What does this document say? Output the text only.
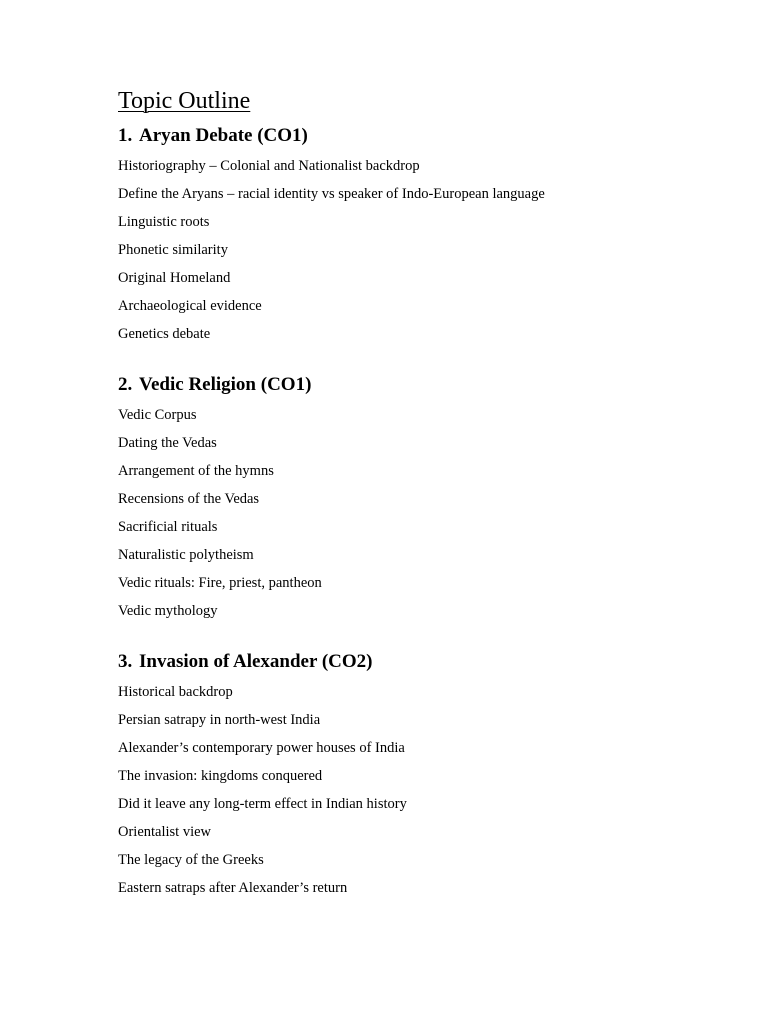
Topic Outline
1. Aryan Debate (CO1)
Historiography – Colonial and Nationalist backdrop
Define the Aryans – racial identity vs speaker of Indo-European language
Linguistic roots
Phonetic similarity
Original Homeland
Archaeological evidence
Genetics debate
2. Vedic Religion (CO1)
Vedic Corpus
Dating the Vedas
Arrangement of the hymns
Recensions of the Vedas
Sacrificial rituals
Naturalistic polytheism
Vedic rituals: Fire, priest, pantheon
Vedic mythology
3. Invasion of Alexander (CO2)
Historical backdrop
Persian satrapy in north-west India
Alexander’s contemporary power houses of India
The invasion: kingdoms conquered
Did it leave any long-term effect in Indian history
Orientalist view
The legacy of the Greeks
Eastern satraps after Alexander’s return
